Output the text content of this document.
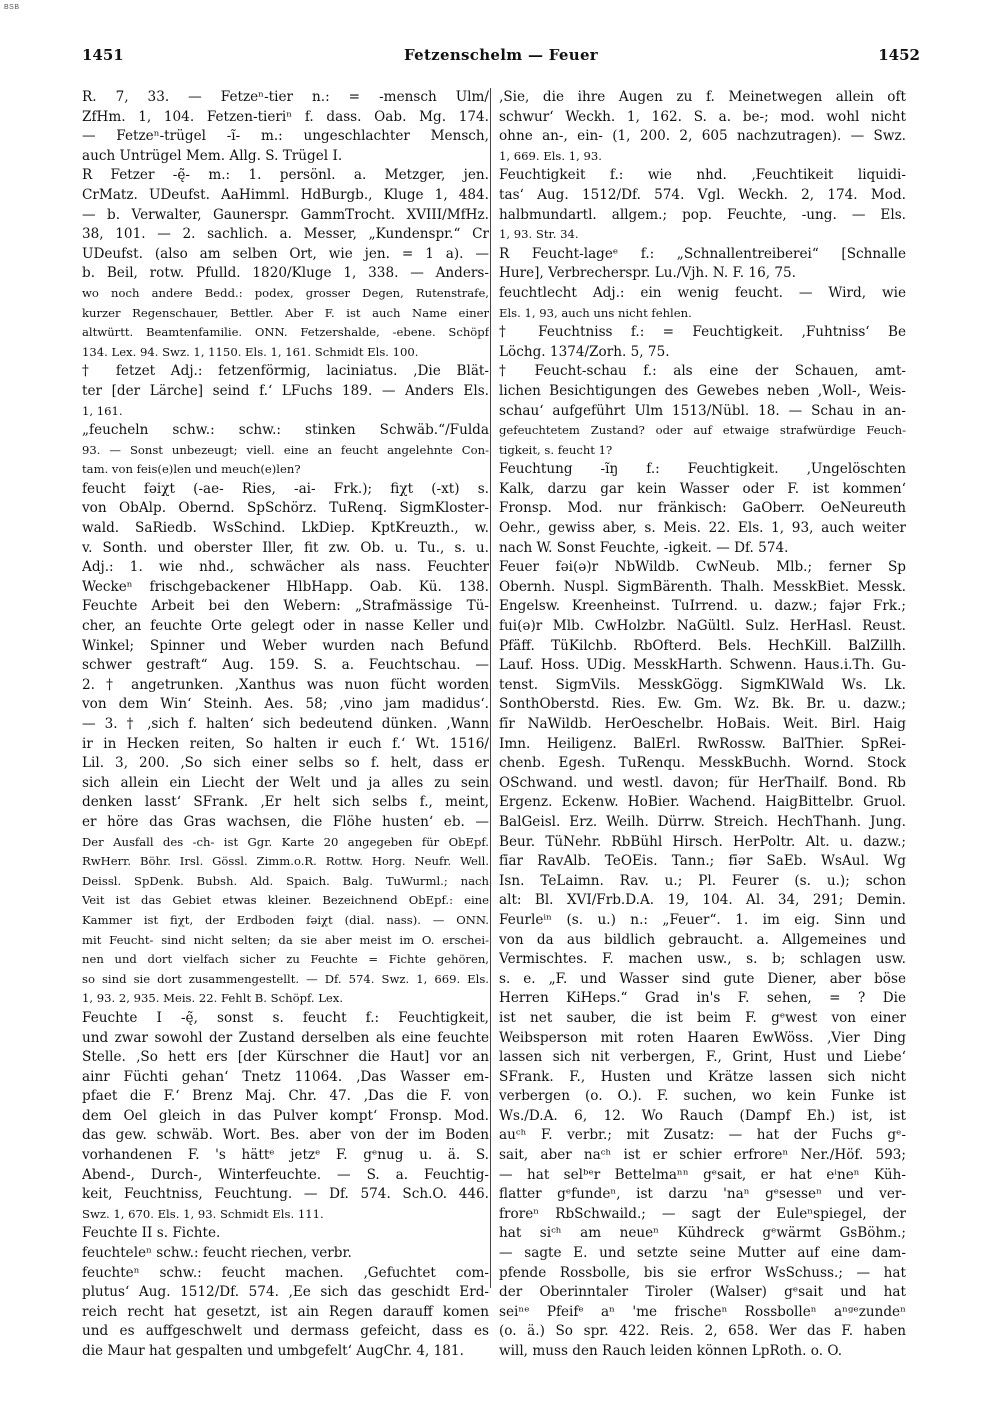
BSB
1451	Fetzenschelm — Feuer	1452
R. 7, 33. — Fetzeⁿ-tier n.: = -mensch Ulm/
ZfHm. 1, 104. Fetzen-tieriⁿ f. dass. Oab. Mg. 174.
— Fetzeⁿ-trügel -ĩ- m.: ungeschlachter Mensch,
auch Untrügel Mem. Allg. S. Trügel I.
R Fetzer -ę̃- m.: 1. persönl. a. Metzger, jen.
CrMatz. UDeufst. AaHimml. HdBurgb., Kluge 1, 484.
— b. Verwalter, Gaunerspr. GammTrocht. XVIII/MfHz.
38, 101. — 2. sachlich. a. Messer, „Kundenspr.“ Cr
UDeufst. (also am selben Ort, wie jen. = 1 a). —
b. Beil, rotw. Pfulld. 1820/Kluge 1, 338. — Anders-
wo noch andere Bedd.: podex, grosser Degen, Rutenstrafe,
kurzer Regenschauer, Bettler. Aber F. ist auch Name einer
altwürtt. Beamtenfamilie. ONN. Fetzershalde, -ebene. Schöpf
134. Lex. 94. Swz. 1, 1150. Els. 1, 161. Schmidt Els. 100.
† fetzet Adj.: fetzenförmig, laciniatus. ‚Die Blät-
ter [der Lärche] seind f.‘ LFuchs 189. — Anders Els.
1, 161.
„feucheln schw.: schw.: stinken Schwäb.“/Fulda
93. — Sonst unbezeugt; viell. eine an feucht angelehnte Con-
tam. von feis(e)len und meuch(e)len?
feucht fəiχt (-ae- Ries, -ai- Frk.); fiχt (-xt) s.
von ObAlp. Obernd. SpSchörz. TuRenq. SigmKloster-
wald. SaRiedb. WsSchind. LkDiep. KptKreuzth., w.
v. Sonth. und oberster Iller, fit zw. Ob. u. Tu., s. u.
Adj.: 1. wie nhd., schwächer als nass. Feuchter
Weckeⁿ frischgebackener HlbHapp. Oab. Kü. 138.
Feuchte Arbeit bei den Webern: „Strafmässige Tü-
cher, an feuchte Orte gelegt oder in nasse Keller und
Winkel; Spinner und Weber wurden nach Befund
schwer gestraft“ Aug. 159. S. a. Feuchtschau. —
2. † angetrunken. ‚Xanthus was nuon fücht worden
von dem Win‘ Steinh. Aes. 58; ‚vino jam madidus‘.
— 3. † ‚sich f. halten‘ sich bedeutend dünken. ‚Wann
ir in Hecken reiten, So halten ir euch f.‘ Wt. 1516/
Lil. 3, 200. ‚So sich einer selbs so f. helt, dass er
sich allein ein Liecht der Welt und ja alles zu sein
denken lasst‘ SFrank. ‚Er helt sich selbs f., meint,
er höre das Gras wachsen, die Flöhe husten‘ eb. —
Der Ausfall des -ch- ist Ggr. Karte 20 angegeben für ObEpf.
RwHerr. Böhr. Irsl. Gössl. Zimm.o.R. Rottw. Horg. Neufr. Well.
Deissl. SpDenk. Bubsh. Ald. Spaich. Balg. TuWurml.; nach
Veit ist das Gebiet etwas kleiner. Bezeichnend ObEpf.: eine
Kammer ist fiχt, der Erdboden fəiχt (dial. nass). — ONN.
mit Feucht- sind nicht selten; da sie aber meist im O. erschei-
nen und dort vielfach sicher zu Feuchte = Fichte gehören,
so sind sie dort zusammengestellt. — Df. 574. Swz. 1, 669. Els.
1, 93. 2, 935. Meis. 22. Fehlt B. Schöpf. Lex.
Feuchte I -ę̃, sonst s. feucht f.: Feuchtigkeit,
und zwar sowohl der Zustand derselben als eine feuchte
Stelle. ‚So hett ers [der Kürschner die Haut] vor an
ainr Füchti gehan‘ Tnetz 11064. ‚Das Wasser em-
pfaet die F.‘ Brenz Maj. Chr. 47. ‚Das die F. von
dem Oel gleich in das Pulver kompt‘ Fronsp. Mod.
das gew. schwäb. Wort. Bes. aber von der im Boden
vorhandenen F. 's hättᵉ jetzᵉ F. gᵉnug u. ä. S.
Abend-, Durch-, Winterfeuchte. — S. a. Feuchtig-
keit, Feuchtniss, Feuchtung. — Df. 574. Sch.O. 446.
Swz. 1, 670. Els. 1, 93. Schmidt Els. 111.
Feuchte II s. Fichte.
feuchteleⁿ schw.: feucht riechen, verbr.
feuchteⁿ schw.: feucht machen. ‚Gefuchtet com-
plutus‘ Aug. 1512/Df. 574. ‚Ee sich das geschidt Erd-
reich recht hat gesetzt, ist ain Regen darauff komen
und es auffgeschwelt und dermass gefeicht, dass es
die Maur hat gespalten und umbgefelt‘ AugChr. 4, 181.
‚Sie, die ihre Augen zu f. Meinetwegen allein oft
schwur‘ Weckh. 1, 162. S. a. be-; mod. wohl nicht
ohne an-, ein- (1, 200. 2, 605 nachzutragen). — Swz.
1, 669. Els. 1, 93.
Feuchtigkeit f.: wie nhd. ‚Feuchtikeit liquidi-
tas‘ Aug. 1512/Df. 574. Vgl. Weckh. 2, 174. Mod.
halbmundartl. allgem.; pop. Feuchte, -ung. — Els.
1, 93. Str. 34.
R Feucht-lageᵉ f.: „Schnallentreiberei“ [Schnalle
Hure], Verbrecherspr. Lu./Vjh. N. F. 16, 75.
feuchtlecht Adj.: ein wenig feucht. — Wird, wie
Els. 1, 93, auch uns nicht fehlen.
† Feuchtniss f.: = Feuchtigkeit. ‚Fuhtniss‘ Be
Löchg. 1374/Zorh. 5, 75.
† Feucht-schau f.: als eine der Schauen, amt-
lichen Besichtigungen des Gewebes neben ‚Woll-, Weis-
schau‘ aufgeführt Ulm 1513/Nübl. 18. — Schau in an-
gefeuchtetem Zustand? oder auf etwaige strafwürdige Feuch-
tigkeit, s. feucht 1?
Feuchtung -ĩŋ f.: Feuchtigkeit. ‚Ungelöschten
Kalk, darzu gar kein Wasser oder F. ist kommen‘
Fronsp. Mod. nur fränkisch: GaOberr. OeNeureuth
Oehr., gewiss aber, s. Meis. 22. Els. 1, 93, auch weiter
nach W. Sonst Feuchte, -igkeit. — Df. 574.
Feuer fəi(ə)r NbWildb. CwNeub. Mlb.; ferner Sp
Obernh. Nuspl. SigmBärenth. Thalh. MesskBiet. Messk.
Engelsw. Kreenheinst. TuIrrend. u. dazw.; fajər Frk.;
fui(ə)r Mlb. CwHolzbr. NaGültl. Sulz. HerHasl. Reust.
Pfäff. TüKilchb. RbOfterd. Bels. HechKill. BalZillh.
Lauf. Hoss. UDig. MesskHarth. Schwenn. Haus.i.Th. Gu-
tenst. SigmVils. MesskGögg. SigmKlWald Ws. Lk.
SonthOberstd. Ries. Ew. Gm. Wz. Bk. Br. u. dazw.;
fīr NaWildb. HerOeschelbr. HoBais. Weit. Birl. Haig
Imn. Heiligenz. BalErl. RwRossw. BalThier. SpRei-
chenb. Egesh. TuRenqu. MesskBuchh. Wornd. Stock
OSchwand. und westl. davon; für HerThailf. Bond. Rb
Ergenz. Eckenw. HoBier. Wachend. HaigBittelbr. Gruol.
BalGeisl. Erz. Weilh. Dürrw. Streich. HechThanh. Jung.
Beur. TüNehr. RbBühl Hirsch. HerPoltr. Alt. u. dazw.;
fīar RavAlb. TeOEis. Tann.; fīər SaEb. WsAul. Wg
Isn. TeLaimn. Rav. u.; Pl. Feurer (s. u.); schon
alt: Bl. XVI/Frb.D.A. 19, 104. Al. 34, 291; Demin.
Feurleⁱⁿ (s. u.) n.: „Feuer“. 1. im eig. Sinn und
von da aus bildlich gebraucht. a. Allgemeines und
Vermischtes. F. machen usw., s. b; schlagen usw.
s. e. „F. und Wasser sind gute Diener, aber böse
Herren KiHeps.“ Grad in's F. sehen, = ? Die
ist net sauber, die ist beim F. gᵉwest von einer
Weibsperson mit roten Haaren EwWöss. ‚Vier Ding
lassen sich nit verbergen, F., Grint, Hust und Liebe‘
SFrank. F., Husten und Krätze lassen sich nicht
verbergen (o. O.). F. suchen, wo kein Funke ist
Ws./D.A. 6, 12. Wo Rauch (Dampf Eh.) ist, ist
auᶜʰ F. verbr.; mit Zusatz: — hat der Fuchs gᵉ-
sait, aber naᶜʰ ist er schier erfroreⁿ Ner./Höf. 593;
— hat selᵇᵉr Bettelmaⁿⁿ gᵉsait, er hat eⁱneⁿ Küh-
flatter gᵉfundeⁿ, ist darzu 'naⁿ gᵉsesseⁿ und ver-
froreⁿ RbSchwaild.; — sagt der Euleⁿspiegel, der
hat siᶜʰ am neueⁿ Kühdreck gᵉwärmt GsBöhm.;
— sagte E. und setzte seine Mutter auf eine dam-
pfende Rossbolle, bis sie erfror WsSchuss.; — hat
der Oberinntaler Tiroler (Walser) gᵉsait und hat
seiⁿᵉ Pfeifᵉ aⁿ 'me frischeⁿ Rossbolleⁿ aⁿᵍᵉzundeⁿ
(o. ä.) So spr. 422. Reis. 2, 658. Wer das F. haben
will, muss den Rauch leiden können LpRoth. o. O.
